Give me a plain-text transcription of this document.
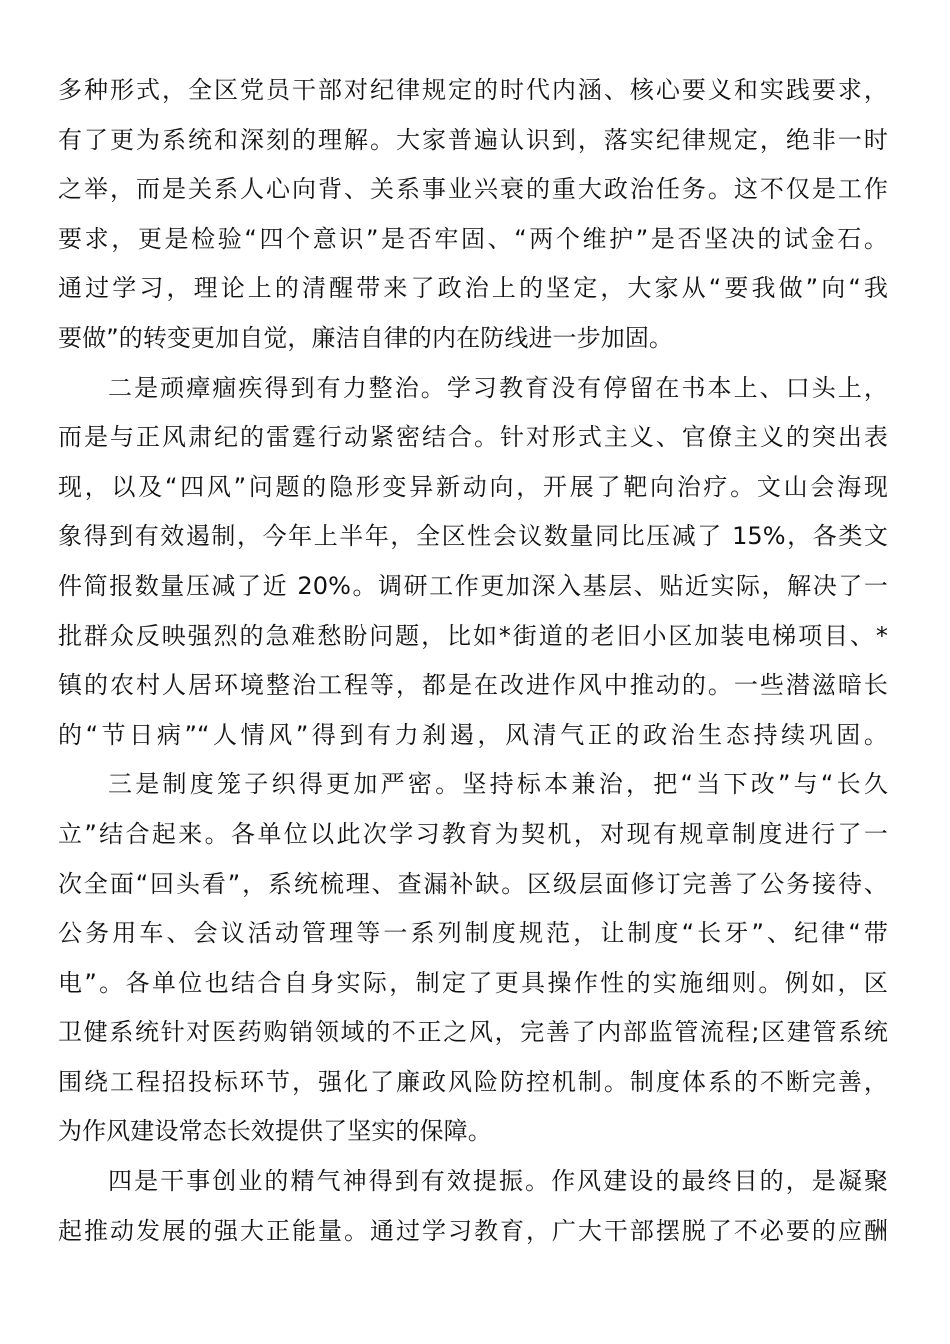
多种形式，全区党员干部对纪律规定的时代内涵、核心要义和实践要求，
有了更为系统和深刻的理解。大家普遍认识到，落实纪律规定，绝非一时
之举，而是关系人心向背、关系事业兴衰的重大政治任务。这不仅是工作
要求，更是检验“四个意识”是否牢固、“两个维护”是否坚决的试金石。
通过学习，理论上的清醒带来了政治上的坚定，大家从“要我做”向“我
要做”的转变更加自觉，廉洁自律的内在防线进一步加固。
二是顽瘴痼疾得到有力整治。学习教育没有停留在书本上、口头上，
而是与正风肃纪的雷霆行动紧密结合。针对形式主义、官僚主义的突出表
现，以及“四风”问题的隐形变异新动向，开展了靶向治疗。文山会海现
象得到有效遏制，今年上半年，全区性会议数量同比压减了 15%，各类文
件简报数量压减了近 20%。调研工作更加深入基层、贴近实际，解决了一
批群众反映强烈的急难愁盼问题，比如*街道的老旧小区加装电梯项目、*
镇的农村人居环境整治工程等，都是在改进作风中推动的。一些潜滋暗长
的“节日病”“人情风”得到有力刹遏，风清气正的政治生态持续巩固。
三是制度笼子织得更加严密。坚持标本兼治，把“当下改”与“长久
立”结合起来。各单位以此次学习教育为契机，对现有规章制度进行了一
次全面“回头看”，系统梳理、查漏补缺。区级层面修订完善了公务接待、
公务用车、会议活动管理等一系列制度规范，让制度“长牙”、纪律“带
电”。各单位也结合自身实际，制定了更具操作性的实施细则。例如，区
卫健系统针对医药购销领域的不正之风，完善了内部监管流程;区建管系统
围绕工程招投标环节，强化了廉政风险防控机制。制度体系的不断完善，
为作风建设常态长效提供了坚实的保障。
四是干事创业的精气神得到有效提振。作风建设的最终目的，是凝聚
起推动发展的强大正能量。通过学习教育，广大干部摆脱了不必要的应酬
